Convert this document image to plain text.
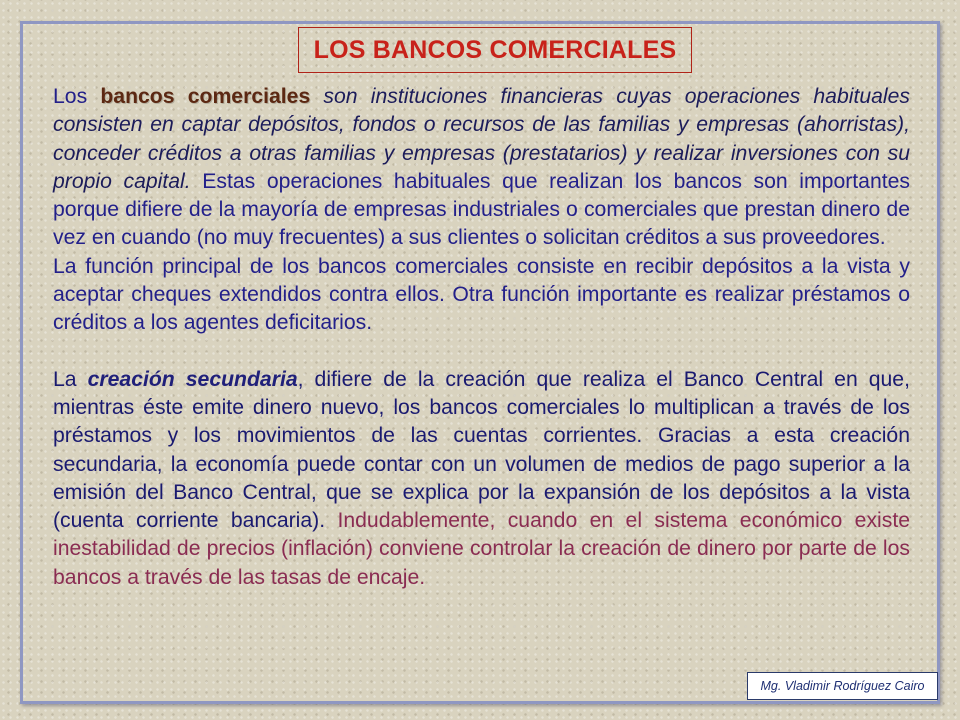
LOS BANCOS COMERCIALES

Los bancos comerciales son instituciones financieras cuyas operaciones habituales consisten en captar depósitos, fondos o recursos de las familias y empresas (ahorristas), conceder créditos a otras familias y empresas (prestatarios) y realizar inversiones con su propio capital. Estas operaciones habituales que realizan los bancos son importantes porque difiere de la mayoría de empresas industriales o comerciales que prestan dinero de vez en cuando (no muy frecuentes) a sus clientes o solicitan créditos a sus proveedores.

La función principal de los bancos comerciales consiste en recibir depósitos a la vista y aceptar cheques extendidos contra ellos. Otra función importante es realizar préstamos o créditos a los agentes deficitarios.

La creación secundaria, difiere de la creación que realiza el Banco Central en que, mientras éste emite dinero nuevo, los bancos comerciales lo multiplican a través de los préstamos y los movimientos de las cuentas corrientes. Gracias a esta creación secundaria, la economía puede contar con un volumen de medios de pago superior a la emisión del Banco Central, que se explica por la expansión de los depósitos a la vista (cuenta corriente bancaria). Indudablemente, cuando en el sistema económico existe inestabilidad de precios (inflación) conviene controlar la creación de dinero por parte de los bancos a través de las tasas de encaje.

Mg. Vladimir Rodríguez Cairo
